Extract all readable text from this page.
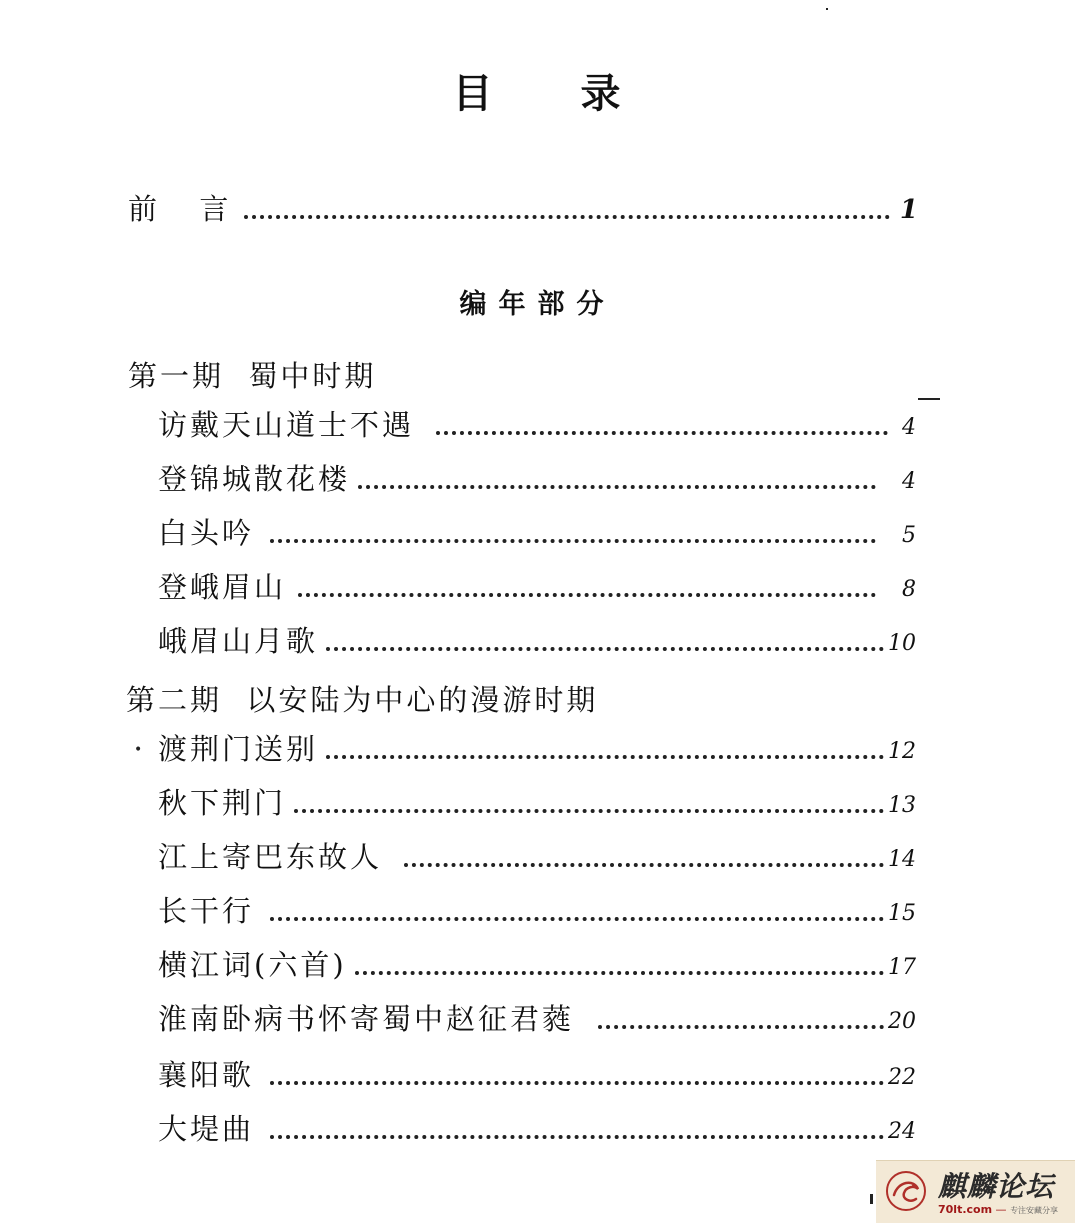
目 录
前  言	1
编年部分
第一期  蜀中时期
访戴天山道士不遇	4
登锦城散花楼	4
白头吟	5
登峨眉山	8
峨眉山月歌	10
第二期  以安陆为中心的漫游时期
• 渡荆门送别	12
秋下荆门	13
江上寄巴东故人	14
长干行	15
横江词(六首)	17
淮南卧病书怀寄蜀中赵征君蕤	20
襄阳歌	22
大堤曲	24
麒麟论坛
70lt.com — 专注安藏分享
